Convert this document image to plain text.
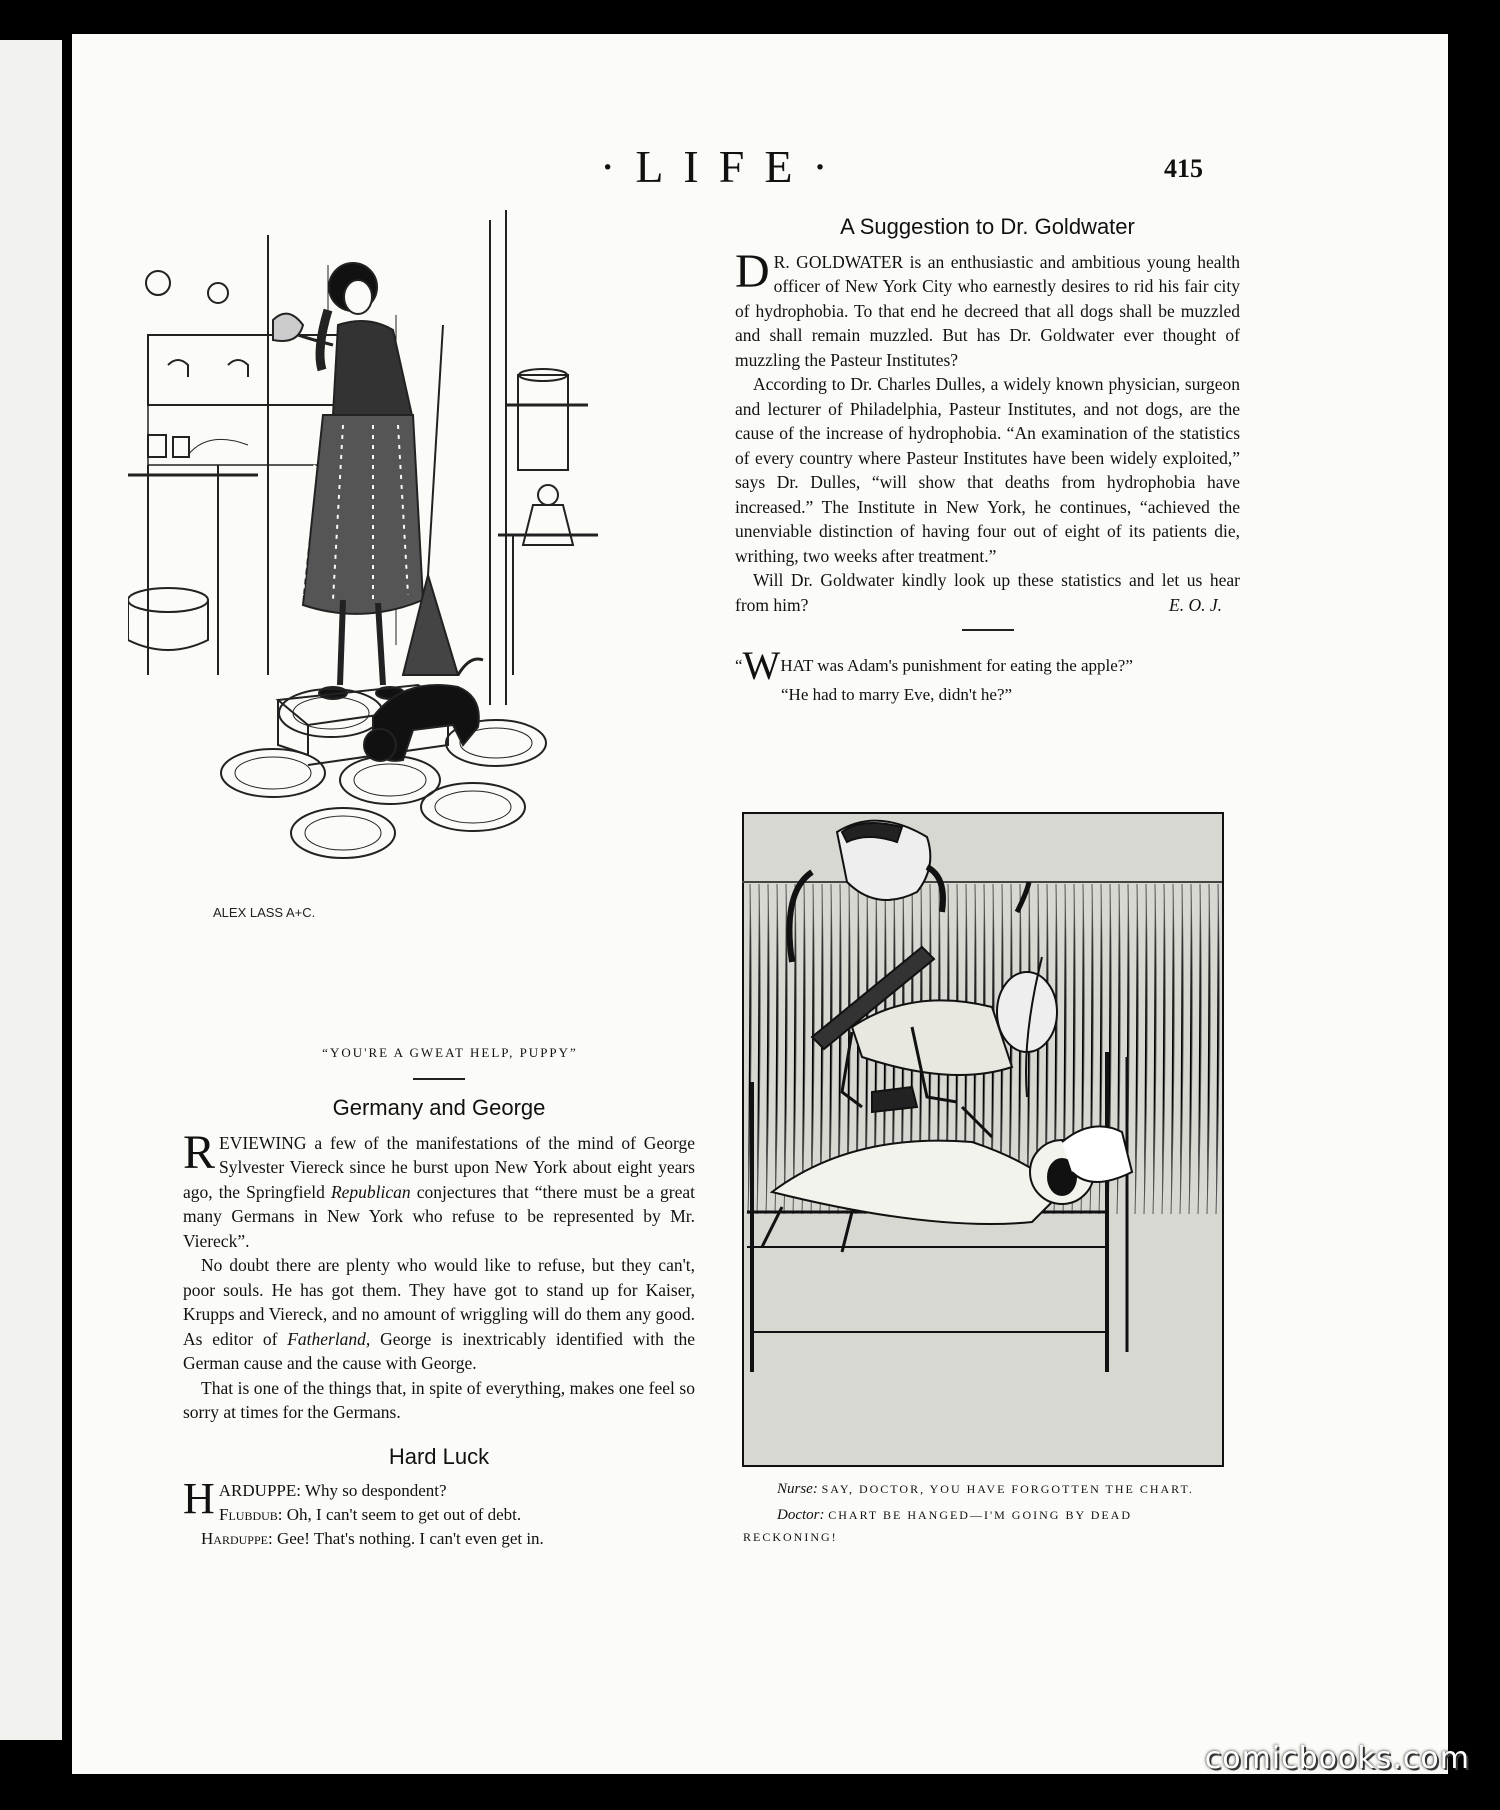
·LIFE·	415
ALEX LASS A+C.
“YOU'RE A GWEAT HELP, PUPPY”
A Suggestion to Dr. Goldwater

D R. GOLDWATER is an enthusiastic and ambitious young health officer of New York City who earnestly desires to rid his fair city of hydrophobia. To that end he decreed that all dogs shall be muzzled and shall remain muzzled. But has Dr. Goldwater ever thought of muzzling the Pasteur Institutes?

According to Dr. Charles Dulles, a widely known physician, surgeon and lecturer of Philadelphia, Pasteur Institutes, and not dogs, are the cause of the increase of hydrophobia. “An examination of the statistics of every country where Pasteur Institutes have been widely exploited,” says Dr. Dulles, “will show that deaths from hydrophobia have increased.” The Institute in New York, he continues, “achieved the unenviable distinction of having four out of eight of its patients die, writhing, two weeks after treatment.”

Will Dr. Goldwater kindly look up these statistics and let us hear from him?	E. O. J.

“WHAT was Adam's punishment for eating the apple?”
“He had to marry Eve, didn't he?”
Nurse: SAY, DOCTOR, YOU HAVE FORGOTTEN THE CHART.
Doctor: CHART BE HANGED—I'M GOING BY DEAD RECKONING!
Germany and George

REVIEWING a few of the manifestations of the mind of George Sylvester Viereck since he burst upon New York about eight years ago, the Springfield Republican conjectures that “there must be a great many Germans in New York who refuse to be represented by Mr. Viereck”.

No doubt there are plenty who would like to refuse, but they can't, poor souls. He has got them. They have got to stand up for Kaiser, Krupps and Viereck, and no amount of wriggling will do them any good. As editor of Fatherland, George is inextricably identified with the German cause and the cause with George.

That is one of the things that, in spite of everything, makes one feel so sorry at times for the Germans.

Hard Luck
HARDUPPE: Why so despondent?
Flubdub: Oh, I can't seem to get out of debt.
Harduppe: Gee! That's nothing. I can't even get in.
comicbooks.com
